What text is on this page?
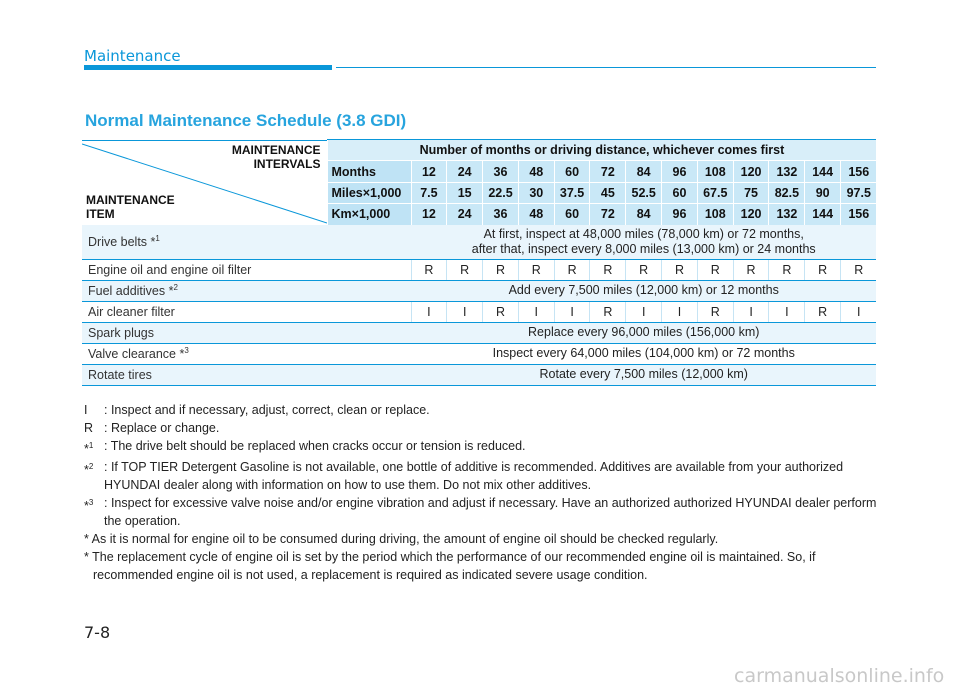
Maintenance
Normal Maintenance Schedule (3.8 GDI)
MAINTENANCE
INTERVALS
MAINTENANCE
ITEM	Number of months or driving distance, whichever comes first													
	Months	12	24	36	48	60	72	84	96	108	120	132	144	156
	Miles×1,000	7.5	15	22.5	30	37.5	45	52.5	60	67.5	75	82.5	90	97.5
	Km×1,000	12	24	36	48	60	72	84	96	108	120	132	144	156
Drive belts *$^1$		At first, inspect at 48,000 miles (78,000 km) or 72 months,
after that, inspect every 8,000 miles (13,000 km) or 24 months												
Engine oil and engine oil filter		R	R	R	R	R	R	R	R	R	R	R	R	R
Fuel additives *$^2$		Add every 7,500 miles (12,000 km) or 12 months												
Air cleaner filter		I	I	R	I	I	R	I	I	R	I	I	R	I
Spark plugs		Replace every 96,000 miles (156,000 km)												
Valve clearance *$^3$		Inspect every 64,000 miles (104,000 km) or 72 months												
Rotate tires		Rotate every 7,500 miles (12,000 km)												
I	: Inspect and if necessary, adjust, correct, clean or replace.
R : Replace or change.
*$^1$ : The drive belt should be replaced when cracks occur or tension is reduced.
*$^2$ : If TOP TIER Detergent Gasoline is not available, one bottle of additive is recommended. Additives are available from your authorized HYUNDAI dealer along with information on how to use them. Do not mix other additives.
*$^3$ : Inspect for excessive valve noise and/or engine vibration and adjust if necessary. Have an authorized authorized HYUNDAI dealer perform the operation.
* As it is normal for engine oil to be consumed during driving, the amount of engine oil should be checked regularly.
* The replacement cycle of engine oil is set by the period which the performance of our recommended engine oil is maintained. So, if recommended engine oil is not used, a replacement is required as indicated severe usage condition.
7-8
carmanualsonline.info
